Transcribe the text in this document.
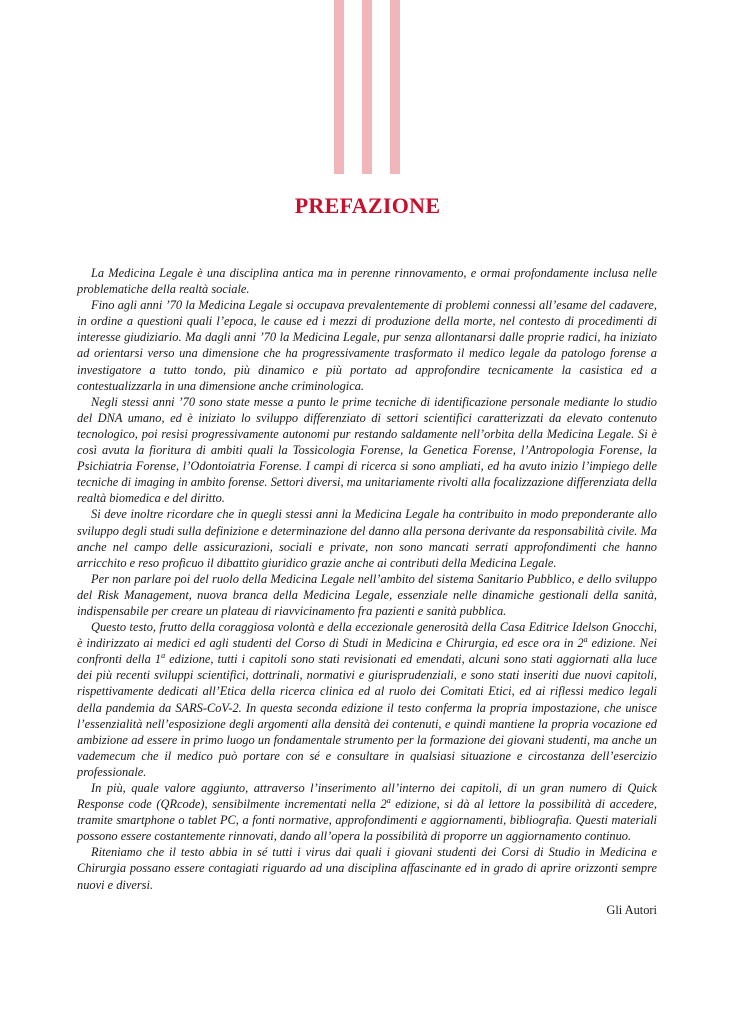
PREFAZIONE

La Medicina Legale è una disciplina antica ma in perenne rinnovamento, e ormai profondamente inclusa nelle problematiche della realtà sociale.

Fino agli anni ’70 la Medicina Legale si occupava prevalentemente di problemi connessi all’esame del cadavere, in ordine a questioni quali l’epoca, le cause ed i mezzi di produzione della morte, nel contesto di procedimenti di interesse giudiziario. Ma dagli anni ’70 la Medicina Legale, pur senza allontanarsi dalle proprie radici, ha iniziato ad orientarsi verso una dimensione che ha progressivamente trasformato il medico legale da patologo forense a investigatore a tutto tondo, più dinamico e più portato ad approfondire tecnicamente la casistica ed a contestualizzarla in una dimensione anche criminologica.

Negli stessi anni ’70 sono state messe a punto le prime tecniche di identificazione personale mediante lo studio del DNA umano, ed è iniziato lo sviluppo differenziato di settori scientifici caratterizzati da elevato contenuto tecnologico, poi resisi progressivamente autonomi pur restando saldamente nell’orbita della Medicina Legale. Si è così avuta la fioritura di ambiti quali la Tossicologia Forense, la Genetica Forense, l’Antropologia Forense, la Psichiatria Forense, l’Odontoiatria Forense. I campi di ricerca si sono ampliati, ed ha avuto inizio l’impiego delle tecniche di imaging in ambito forense. Settori diversi, ma unitariamente rivolti alla focalizzazione differenziata della realtà biomedica e del diritto.

Si deve inoltre ricordare che in quegli stessi anni la Medicina Legale ha contribuito in modo preponderante allo sviluppo degli studi sulla definizione e determinazione del danno alla persona derivante da responsabilità civile. Ma anche nel campo delle assicurazioni, sociali e private, non sono mancati serrati approfondimenti che hanno arricchito e reso proficuo il dibattito giuridico grazie anche ai contributi della Medicina Legale.

Per non parlare poi del ruolo della Medicina Legale nell’ambito del sistema Sanitario Pubblico, e dello sviluppo del Risk Management, nuova branca della Medicina Legale, essenziale nelle dinamiche gestionali della sanità, indispensabile per creare un plateau di riavvicinamento fra pazienti e sanità pubblica.

Questo testo, frutto della coraggiosa volontà e della eccezionale generosità della Casa Editrice Idelson Gnocchi, è indirizzato ai medici ed agli studenti del Corso di Studi in Medicina e Chirurgia, ed esce ora in 2$^a$ edizione. Nei confronti della 1$^a$ edizione, tutti i capitoli sono stati revisionati ed emendati, alcuni sono stati aggiornati alla luce dei più recenti sviluppi scientifici, dottrinali, normativi e giurisprudenziali, e sono stati inseriti due nuovi capitoli, rispettivamente dedicati all’Etica della ricerca clinica ed al ruolo dei Comitati Etici, ed ai riflessi medico legali della pandemia da SARS-CoV-2. In questa seconda edizione il testo conferma la propria impostazione, che unisce l’essenzialità nell’esposizione degli argomenti alla densità dei contenuti, e quindi mantiene la propria vocazione ed ambizione ad essere in primo luogo un fondamentale strumento per la formazione dei giovani studenti, ma anche un vademecum che il medico può portare con sé e consultare in qualsiasi situazione e circostanza dell’esercizio professionale.

In più, quale valore aggiunto, attraverso l’inserimento all’interno dei capitoli, di un gran numero di Quick Response code (QRcode), sensibilmente incrementati nella 2$^a$ edizione, si dà al lettore la possibilità di accedere, tramite smartphone o tablet PC, a fonti normative, approfondimenti e aggiornamenti, bibliografia. Questi materiali possono essere costantemente rinnovati, dando all’opera la possibilità di proporre un aggiornamento continuo.

Riteniamo che il testo abbia in sé tutti i virus dai quali i giovani studenti dei Corsi di Studio in Medicina e Chirurgia possano essere contagiati riguardo ad una disciplina affascinante ed in grado di aprire orizzonti sempre nuovi e diversi.

Gli Autori
